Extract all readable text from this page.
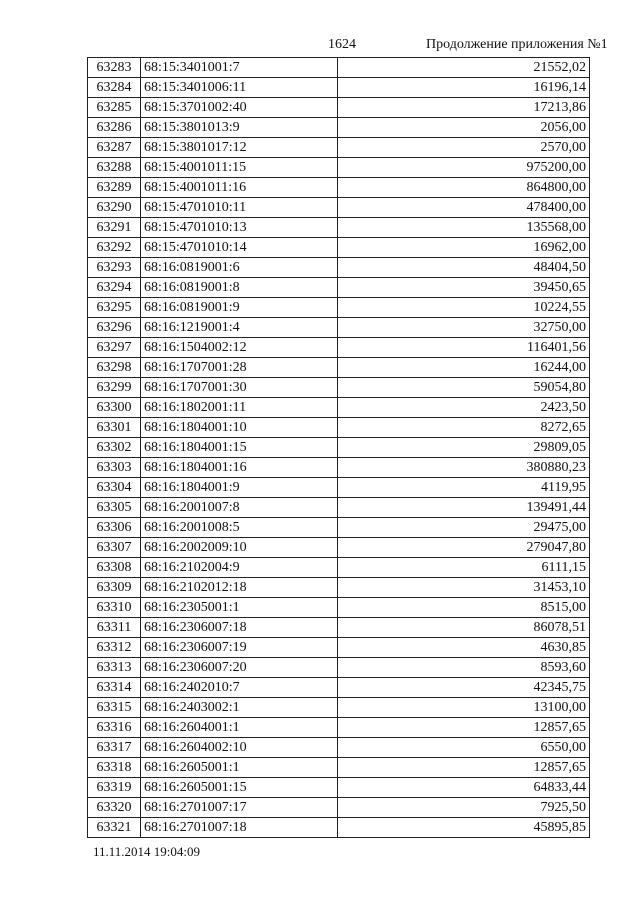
1624	Продолжение приложения №1
63283	68:15:3401001:7	21552,02
63284	68:15:3401006:11	16196,14
63285	68:15:3701002:40	17213,86
63286	68:15:3801013:9	2056,00
63287	68:15:3801017:12	2570,00
63288	68:15:4001011:15	975200,00
63289	68:15:4001011:16	864800,00
63290	68:15:4701010:11	478400,00
63291	68:15:4701010:13	135568,00
63292	68:15:4701010:14	16962,00
63293	68:16:0819001:6	48404,50
63294	68:16:0819001:8	39450,65
63295	68:16:0819001:9	10224,55
63296	68:16:1219001:4	32750,00
63297	68:16:1504002:12	116401,56
63298	68:16:1707001:28	16244,00
63299	68:16:1707001:30	59054,80
63300	68:16:1802001:11	2423,50
63301	68:16:1804001:10	8272,65
63302	68:16:1804001:15	29809,05
63303	68:16:1804001:16	380880,23
63304	68:16:1804001:9	4119,95
63305	68:16:2001007:8	139491,44
63306	68:16:2001008:5	29475,00
63307	68:16:2002009:10	279047,80
63308	68:16:2102004:9	6111,15
63309	68:16:2102012:18	31453,10
63310	68:16:2305001:1	8515,00
63311	68:16:2306007:18	86078,51
63312	68:16:2306007:19	4630,85
63313	68:16:2306007:20	8593,60
63314	68:16:2402010:7	42345,75
63315	68:16:2403002:1	13100,00
63316	68:16:2604001:1	12857,65
63317	68:16:2604002:10	6550,00
63318	68:16:2605001:1	12857,65
63319	68:16:2605001:15	64833,44
63320	68:16:2701007:17	7925,50
63321	68:16:2701007:18	45895,85
11.11.2014 19:04:09
